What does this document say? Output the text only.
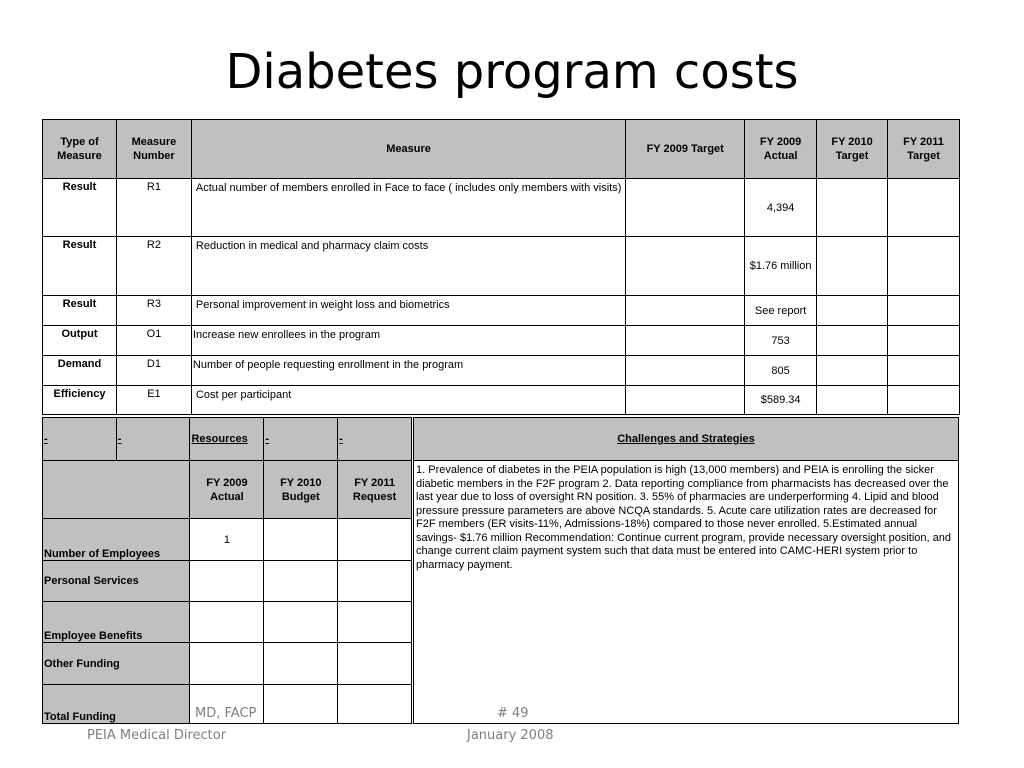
Diabetes program costs
Type of Measure	Measure Number	Measure	FY 2009 Target	FY 2009 Actual	FY 2010 Target	FY 2011 Target
Result	R1	Actual number of members enrolled in Face to face ( includes only members with visits)		4,394		
Result	R2	Reduction in medical and pharmacy claim costs		$1.76 million		
Result	R3	Personal improvement in weight loss and biometrics		See report		
Output	O1	Increase new enrollees in the program		753		
Demand	D1	Number of people requesting enrollment in the program		805		
Efficiency	E1	Cost per participant		$589.34		
-	-	Resources	-	-
		FY 2009 Actual	FY 2010 Budget	FY 2011 Request
Number of Employees		1		
Personal Services				
Employee Benefits				
Other Funding				
Total Funding				
Challenges and Strategies
1. Prevalence of diabetes in the PEIA population is high (13,000 members) and PEIA is enrolling the sicker diabetic members in the F2F program 2. Data reporting compliance from pharmacists has decreased over the last year due to loss of oversight RN position. 3. 55% of pharmacies are underperforming 4. Lipid and blood pressure pressure parameters are above NCQA standards. 5. Acute care utilization rates are decreased for F2F members (ER visits-11%, Admissions-18%) compared to those never enrolled. 5.Estimated annual savings- $1.76 million Recommendation: Continue current program, provide necessary oversight position, and change current claim payment system such that data must be entered into CAMC-HERI system prior to pharmacy payment.
MD, FACP
PEIA Medical Director
# 49
January 2008
